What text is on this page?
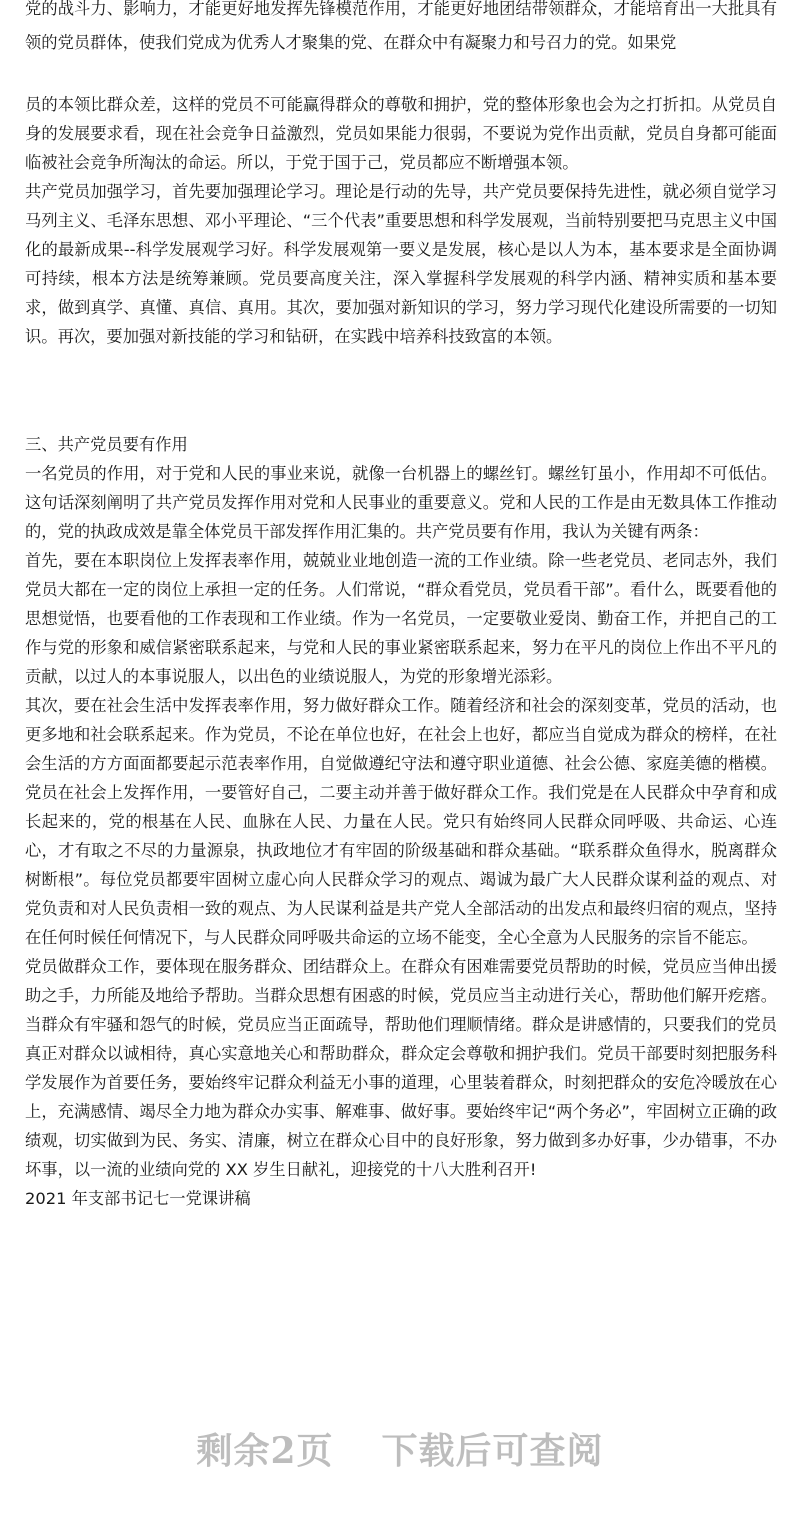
党的战斗力、影响力，才能更好地发挥先锋模范作用，才能更好地团结带领群众，才能培育出一大批具有
领的党员群体，使我们党成为优秀人才聚集的党、在群众中有凝聚力和号召力的党。如果党

员的本领比群众差，这样的党员不可能赢得群众的尊敬和拥护，党的整体形象也会为之打折扣。从党员自身的发展要求看，现在社会竞争日益激烈，党员如果能力很弱，不要说为党作出贡献，党员自身都可能面临被社会竞争所淘汰的命运。所以，于党于国于己，党员都应不断增强本领。

共产党员加强学习，首先要加强理论学习。理论是行动的先导，共产党员要保持先进性，就必须自觉学习马列主义、毛泽东思想、邓小平理论、“三个代表”重要思想和科学发展观，当前特别要把马克思主义中国化的最新成果--科学发展观学习好。科学发展观第一要义是发展，核心是以人为本，基本要求是全面协调可持续，根本方法是统筹兼顾。党员要高度关注，深入掌握科学发展观的科学内涵、精神实质和基本要求，做到真学、真懂、真信、真用。其次，要加强对新知识的学习，努力学习现代化建设所需要的一切知识。再次，要加强对新技能的学习和钻研，在实践中培养科技致富的本领。

三、共产党员要有作用

一名党员的作用，对于党和人民的事业来说，就像一台机器上的螺丝钉。螺丝钉虽小，作用却不可低估。这句话深刻阐明了共产党员发挥作用对党和人民事业的重要意义。党和人民的工作是由无数具体工作推动的，党的执政成效是靠全体党员干部发挥作用汇集的。共产党员要有作用，我认为关键有两条：

首先，要在本职岗位上发挥表率作用，兢兢业业地创造一流的工作业绩。除一些老党员、老同志外，我们党员大都在一定的岗位上承担一定的任务。人们常说，“群众看党员，党员看干部”。看什么，既要看他的思想觉悟，也要看他的工作表现和工作业绩。作为一名党员，一定要敬业爱岗、勤奋工作，并把自己的工作与党的形象和威信紧密联系起来，与党和人民的事业紧密联系起来，努力在平凡的岗位上作出不平凡的贡献，以过人的本事说服人，以出色的业绩说服人，为党的形象增光添彩。

其次，要在社会生活中发挥表率作用，努力做好群众工作。随着经济和社会的深刻变革，党员的活动，也更多地和社会联系起来。作为党员，不论在单位也好，在社会上也好，都应当自觉成为群众的榜样，在社会生活的方方面面都要起示范表率作用，自觉做遵纪守法和遵守职业道德、社会公德、家庭美德的楷模。党员在社会上发挥作用，一要管好自己，二要主动并善于做好群众工作。我们党是在人民群众中孕育和成长起来的，党的根基在人民、血脉在人民、力量在人民。党只有始终同人民群众同呼吸、共命运、心连心，才有取之不尽的力量源泉，执政地位才有牢固的阶级基础和群众基础。“联系群众鱼得水，脱离群众树断根”。每位党员都要牢固树立虚心向人民群众学习的观点、竭诚为最广大人民群众谋利益的观点、对党负责和对人民负责相一致的观点、为人民谋利益是共产党人全部活动的出发点和最终归宿的观点，坚持在任何时候任何情况下，与人民群众同呼吸共命运的立场不能变，全心全意为人民服务的宗旨不能忘。

党员做群众工作，要体现在服务群众、团结群众上。在群众有困难需要党员帮助的时候，党员应当伸出援助之手，力所能及地给予帮助。当群众思想有困惑的时候，党员应当主动进行关心，帮助他们解开疙瘩。当群众有牢骚和怨气的时候，党员应当正面疏导，帮助他们理顺情绪。群众是讲感情的，只要我们的党员真正对群众以诚相待，真心实意地关心和帮助群众，群众定会尊敬和拥护我们。党员干部要时刻把服务科学发展作为首要任务，要始终牢记群众利益无小事的道理，心里装着群众，时刻把群众的安危冷暖放在心上，充满感情、竭尽全力地为群众办实事、解难事、做好事。要始终牢记“两个务必”，牢固树立正确的政绩观，切实做到为民、务实、清廉，树立在群众心目中的良好形象，努力做到多办好事，少办错事，不办坏事，以一流的业绩向党的 XX 岁生日献礼，迎接党的十八大胜利召开!

2021 年支部书记七一党课讲稿
剩余2页 下载后可查阅
